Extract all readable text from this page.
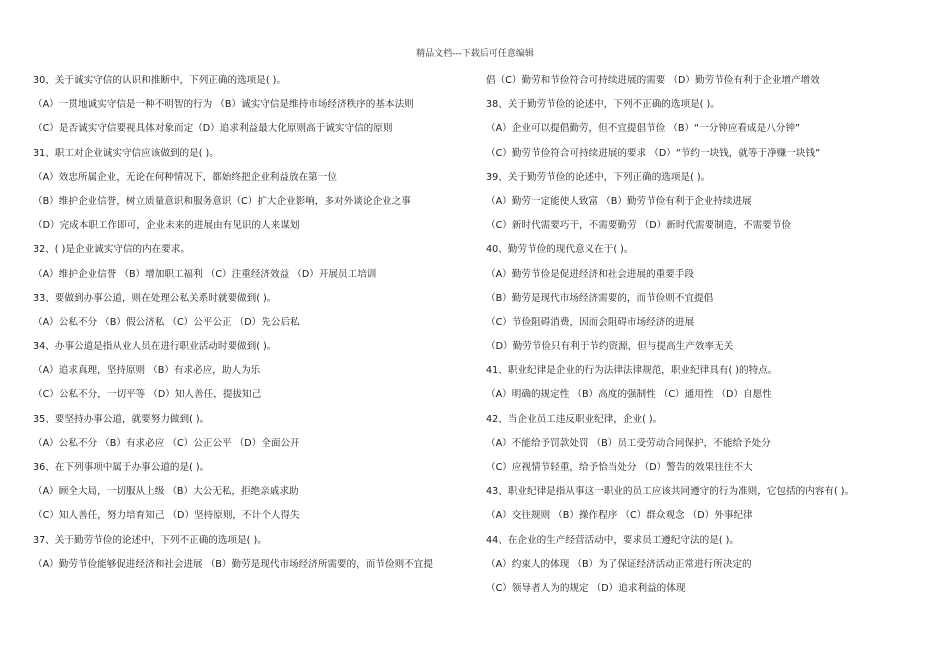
精品文档---下载后可任意编辑
30、关于诚实守信的认识和推断中，下列正确的选项是( )。
（A）一贯地诚实守信是一种不明智的行为 （B）诚实守信是维持市场经济秩序的基本法则
（C）是否诚实守信要视具体对象而定（D）追求利益最大化原则高于诚实守信的原则
31、职工对企业诚实守信应该做到的是( )。
（A）效忠所属企业，无论在何种情况下，都始终把企业利益放在第一位
（B）维护企业信誉，树立质量意识和服务意识（C）扩大企业影响，多对外谈论企业之事
（D）完成本职工作即可，企业未来的进展由有见识的人来谋划
32、( )是企业诚实守信的内在要求。
（A）维护企业信誉 （B）增加职工福利 （C）注重经济效益 （D）开展员工培训
33、要做到办事公道，则在处理公私关系时就要做到( )。
（A）公私不分 （B）假公济私 （C）公平公正 （D）先公后私
34、办事公道是指从业人员在进行职业活动时要做到( )。
（A）追求真理，坚持原则 （B）有求必应，助人为乐
（C）公私不分，一切平等 （D）知人善任，提拔知己
35、要坚持办事公道，就要努力做到( )。
（A）公私不分 （B）有求必应 （C）公正公平 （D）全面公开
36、在下列事项中属于办事公道的是( )。
（A）顾全大局，一切服从上级 （B）大公无私，拒绝亲戚求助
（C）知人善任，努力培育知己 （D）坚持原则，不计个人得失
37、关于勤劳节俭的论述中，下列不正确的选项是( )。
（A）勤劳节俭能够促进经济和社会进展 （B）勤劳是现代市场经济所需要的，而节俭则不宜提
倡（C）勤劳和节俭符合可持续进展的需要 （D）勤劳节俭有利于企业增产增效
38、关于勤劳节俭的论述中，下列不正确的选项是( )。
（A）企业可以提倡勤劳，但不宜提倡节俭 （B）“一分钟应看成是八分钟”
（C）勤劳节俭符合可持续进展的要求 （D）“节约一块钱，就等于净赚一块钱”
39、关于勤劳节俭的论述中，下列正确的选项是( )。
（A）勤劳一定能使人致富 （B）勤劳节俭有利于企业持续进展
（C）新时代需要巧干，不需要勤劳 （D）新时代需要制造，不需要节俭
40、勤劳节俭的现代意义在于( )。
（A）勤劳节俭是促进经济和社会进展的重要手段
（B）勤劳是现代市场经济需要的，而节俭则不宜提倡
（C）节俭阻碍消费，因而会阻碍市场经济的进展
（D）勤劳节俭只有利于节约资源，但与提高生产效率无关
41、职业纪律是企业的行为法律法律规范，职业纪律具有( )的特点。
（A）明确的规定性 （B）高度的强制性 （C）通用性 （D）自愿性
42、当企业员工违反职业纪律，企业( )。
（A）不能给予罚款处罚 （B）员工受劳动合同保护，不能给予处分
（C）应视情节轻重，给予恰当处分 （D）警告的效果往往不大
43、职业纪律是指从事这一职业的员工应该共同遵守的行为准则，它包括的内容有( )。
（A）交往规则 （B）操作程序 （C）群众观念 （D）外事纪律
44、在企业的生产经营活动中，要求员工遵纪守法的是( )。
（A）约束人的体现 （B）为了保证经济活动正常进行所决定的
（C）领导者人为的规定 （D）追求利益的体现
